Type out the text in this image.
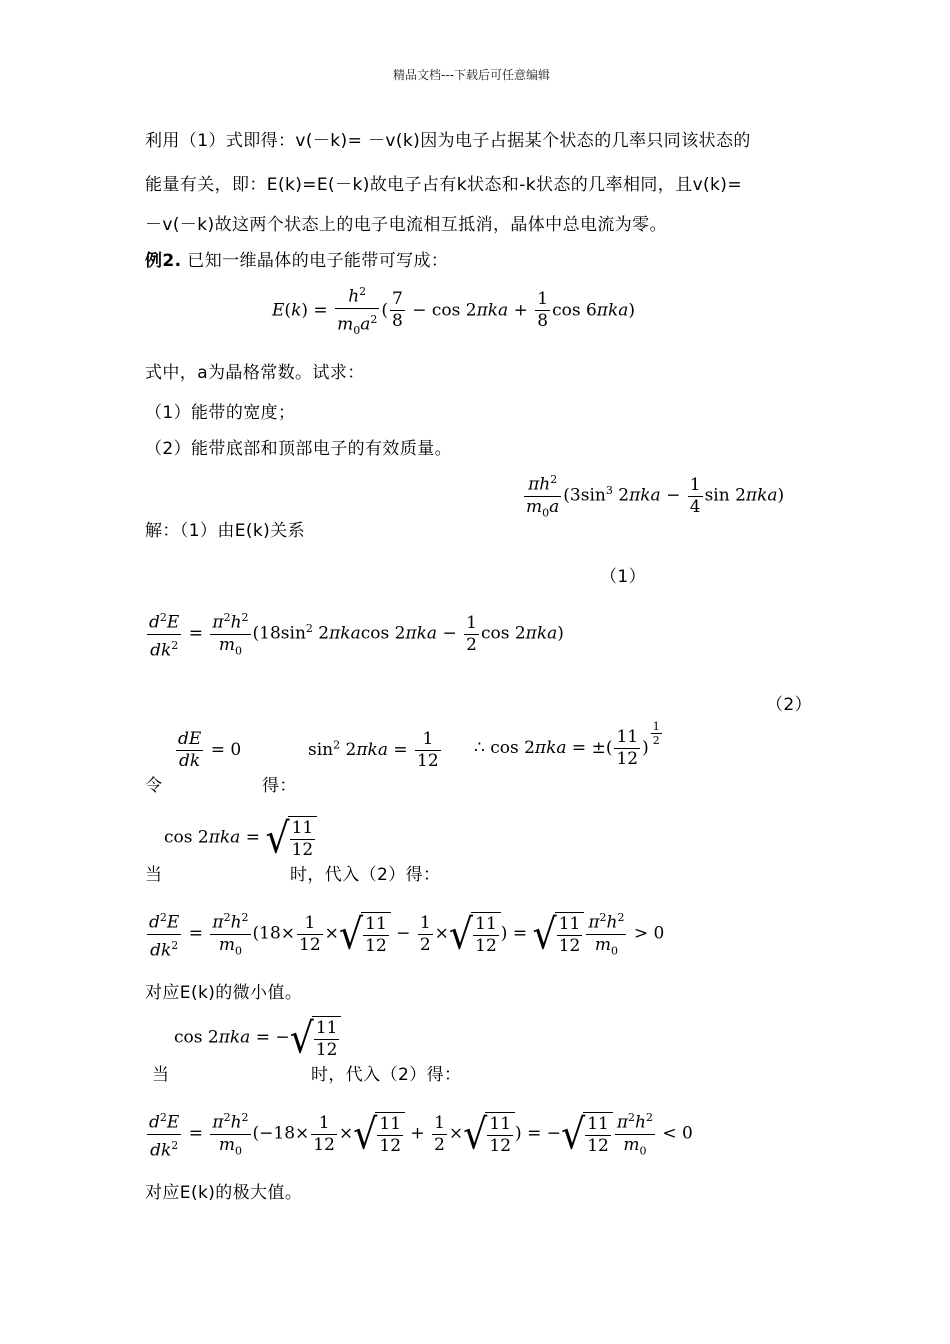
精品文档---下载后可任意编辑
利用（1）式即得：v(－k)= －v(k)因为电子占据某个状态的几率只同该状态的
能量有关，即：E(k)=E(－k)故电子占有k状态和-k状态的几率相同，且v(k)=
－v(－k)故这两个状态上的电子电流相互抵消，晶体中总电流为零。
例2. 已知一维晶体的电子能带可写成：
$E(k) = \frac{h^2}{m_0a^2}$ ( $\frac{7}{8} - \cos 2\pi ka + \frac{1}{8}$ cos 6πka)
式中，a为晶格常数。试求：
（1）能带的宽度；
（2）能带底部和顶部电子的有效质量。
$\frac{\pi h^2}{m_0a} (3\sin^3$ $2\pi ka - \frac{1}{4}$ sin 2πka)
解：（1）由E(k)关系
（1）
$\frac{d^2E}{dk^2} = \frac{\pi^2h^2}{m_0} (18\sin^2$ 2πkacos $2\pi ka - \frac{1}{2}$ cos 2πka)
（2）
$\frac{dE}{dk} = 0$	$\sin^2 2\pi ka = \frac{1}{12}$ ∴ cos 2πka = ±( $\frac{11}{12}$ )
$^{\frac{1}{2}}$
令	得：
cos 2πka = √ $\frac{11}{12}$
当	时，代入（2）得：
$\frac{d^2E}{dk^2} = \frac{\pi^2h^2}{m_0} (18\times \frac{1}{12}$ ×√ $\frac{11}{12} - \frac{1}{2}$ ×√ $\frac{11}{12}$ ) = √ $\frac{11}{12} \frac{\pi^2h^2}{m_0} > 0$
对应E(k)的微小值。
cos 2πka = −√ $\frac{11}{12}$
当	时，代入（2）得：
$\frac{d^2E}{dk^2} = \frac{\pi^2h^2}{m_0} (-18\times \frac{1}{12}$ ×√ $\frac{11}{12} + \frac{1}{2}$ ×√ $\frac{11}{12}$ ) = −√ $\frac{11}{12} \frac{\pi^2h^2}{m_0} < 0$
对应E(k)的极大值。
